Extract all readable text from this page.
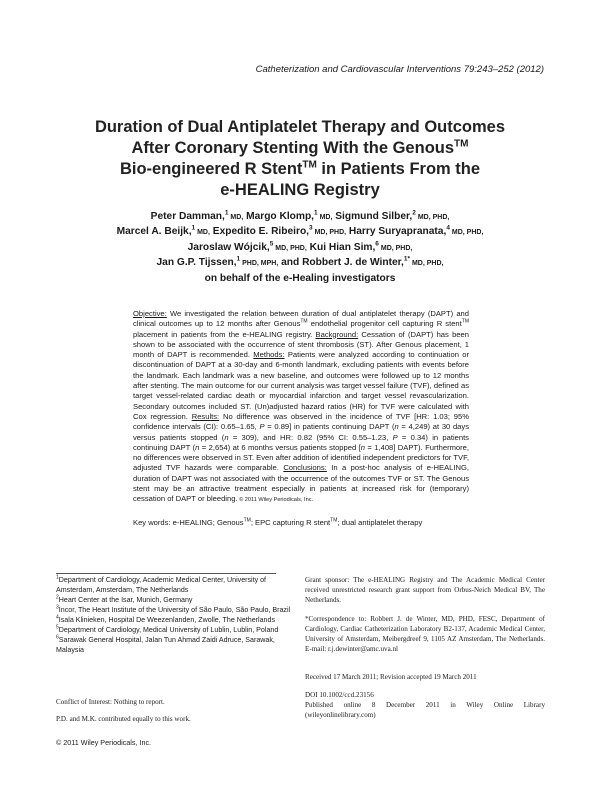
Catheterization and Cardiovascular Interventions 79:243–252 (2012)
Duration of Dual Antiplatelet Therapy and Outcomes
After Coronary Stenting With the Genous™
Bio-engineered R Stent™ in Patients From the
e-HEALING Registry
Peter Damman,$^1$ MD, Margo Klomp,$^1$ MD, Sigmund Silber,$^2$ MD, PHD,
Marcel A. Beijk,$^1$ MD, Expedito E. Ribeiro,$^3$ MD, PHD, Harry Suryapranata,$^4$ MD, PHD,
Jaroslaw Wójcik,$^5$ MD, PHD, Kui Hian Sim,$^6$ MD, PHD,
Jan G.P. Tijssen,$^1$ PHD, MPH, and Robbert J. de Winter,$^{1*}$ MD, PHD,
on behalf of the e-Healing investigators

Objective: We investigated the relation between duration of dual antiplatelet therapy (DAPT) and clinical outcomes up to 12 months after Genous™ endothelial progenitor cell capturing R stent™ placement in patients from the e-HEALING registry. Background: Cessation of (DAPT) has been shown to be associated with the occurrence of stent thrombosis (ST). After Genous placement, 1 month of DAPT is recommended. Methods: Patients were analyzed according to continuation or discontinuation of DAPT at a 30-day and 6-month landmark, excluding patients with events before the landmark. Each landmark was a new baseline, and outcomes were followed up to 12 months after stenting. The main outcome for our current analysis was target vessel failure (TVF), defined as target vessel-related cardiac death or myocardial infarction and target vessel revascularization. Secondary outcomes included ST. (Un)adjusted hazard ratios (HR) for TVF were calculated with Cox regression. Results: No difference was observed in the incidence of TVF [HR: 1.03; 95% confidence intervals (CI): 0.65–1.65, P = 0.89] in patients continuing DAPT (n = 4,249) at 30 days versus patients stopped (n = 309), and HR: 0.82 (95% CI: 0.55–1.23, P = 0.34) in patients continuing DAPT (n = 2,654) at 6 months versus patients stopped [n = 1,408] DAPT). Furthermore, no differences were observed in ST. Even after addition of identified independent predictors for TVF, adjusted TVF hazards were comparable. Conclusions: In a post-hoc analysis of e-HEALING, duration of DAPT was not associated with the occurrence of the outcomes TVF or ST. The Genous stent may be an attractive treatment especially in patients at increased risk for (temporary) cessation of DAPT or bleeding. © 2011 Wiley Periodicals, Inc.

Key words: e-HEALING; Genous™; EPC capturing R stent™; dual antiplatelet therapy
$^1$Department of Cardiology, Academic Medical Center, University of Amsterdam, Amsterdam, The Netherlands
$^2$Heart Center at the Isar, Munich, Germany
$^3$Incor, The Heart Institute of the University of São Paulo, São Paulo, Brazil
$^4$Isala Klinieken, Hospital De Weezenlanden, Zwolle, The Netherlands
$^5$Department of Cardiology, Medical University of Lublin, Lublin, Poland
$^6$Sarawak General Hospital, Jalan Tun Ahmad Zaidi Adruce, Sarawak, Malaysia
Conflict of Interest: Nothing to report.
P.D. and M.K. contributed equally to this work.
© 2011 Wiley Periodicals, Inc.
Grant sponsor: The e-HEALING Registry and The Academic Medical Center received unrestricted research grant support from Orbus-Neich Medical BV, The Netherlands.
*Correspondence to: Robbert J. de Winter, MD, PHD, FESC, Department of Cardiology, Cardiac Catheterization Laboratory B2-137, Academic Medical Center, University of Amsterdam, Meibergdreef 9, 1105 AZ Amsterdam, The Netherlands. E-mail: r.j.dewinter@amc.uva.nl
Received 17 March 2011; Revision accepted 19 March 2011
DOI 10.1002/ccd.23156
Published online 8 December 2011 in Wiley Online Library (wileyonlinelibrary.com)
